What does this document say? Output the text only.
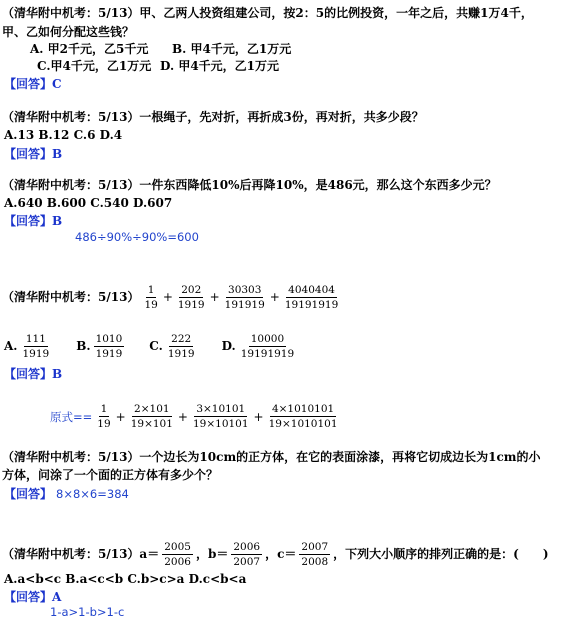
（清华附中机考：5/13）甲、乙两人投资组建公司，按2：5的比例投资，一年之后，共赚1万4千，
甲、乙如何分配这些钱？
A. 甲2千元，乙5千元 B. 甲4千元，乙1万元
C.甲4千元，乙1万元 D. 甲4千元，乙1万元
【回答】C
（清华附中机考：5/13）一根绳子，先对折，再折成3份，再对折，共多少段？
A.13 B.12 C.6 D.4
【回答】B
（清华附中机考：5/13）一件东西降低10%后再降10%，是486元，那么这个东西多少元？
A.640 B.600 C.540 D.607
【回答】B
486÷90%÷90%=600
（清华附中机考：$5/13) \frac{1}{19} + \frac{202}{1919} + \frac{30303}{191919} + \frac{4040404}{19191919}$
A. $\frac{111}{1919} B$. $\frac{1010}{1919} C$. $\frac{222}{1919} D$. $\frac{10000}{19191919}$
【回答】B
原式== $\frac{1}{19} + \frac{2\times 101}{19\times 101} + \frac{3\times 10101}{19\times 10101} + \frac{4\times 1010101}{19\times 1010101}$
（清华附中机考：5/13）一个边长为10cm的正方体，在它的表面涂漆，再将它切成边长为1cm的小
方体，问涂了一个面的正方体有多少个？
【回答】 8×8×6=384
（清华附中机考：$5/13)a= \frac{2005}{2006}$ ，$b= \frac{2006}{2007}$ ，$c= \frac{2007}{2008}$ ，下列大小顺序的排列正确的是：(　　)
A.a<b<c B.a<c<b C.b>c>a D.c<b<a
【回答】A
1-a>1-b>1-c
